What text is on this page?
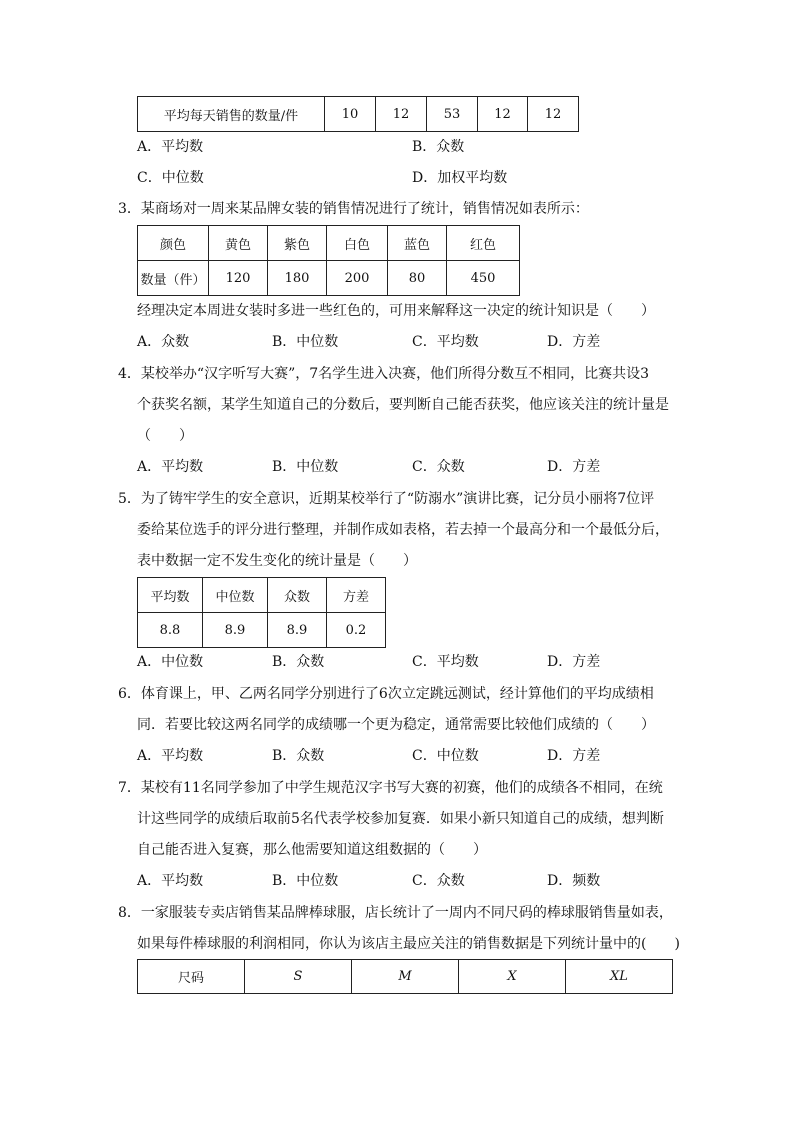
平均每天销售的数量/件	10	12	53	12	12
A．平均数	B．众数
C．中位数	D．加权平均数
3．某商场对一周来某品牌女装的销售情况进行了统计，销售情况如表所示：
颜色	黄色	紫色	白色	蓝色	红色
数量（件）	120	180	200	80	450
经理决定本周进女装时多进一些红色的，可用来解释这一决定的统计知识是（　　）
A．众数	B．中位数	C．平均数	D．方差
4．某校举办“汉字听写大赛”，7名学生进入决赛，他们所得分数互不相同，比赛共设3
个获奖名额，某学生知道自己的分数后，要判断自己能否获奖，他应该关注的统计量是
（　　）
A．平均数	B．中位数	C．众数	D．方差
5．为了铸牢学生的安全意识，近期某校举行了“防溺水”演讲比赛，记分员小丽将7位评
委给某位选手的评分进行整理，并制作成如表格，若去掉一个最高分和一个最低分后，
表中数据一定不发生变化的统计量是（　　）
平均数	中位数	众数	方差
8.8	8.9	8.9	0.2
A．中位数	B．众数	C．平均数	D．方差
6．体育课上，甲、乙两名同学分别进行了6次立定跳远测试，经计算他们的平均成绩相
同．若要比较这两名同学的成绩哪一个更为稳定，通常需要比较他们成绩的（　　）
A．平均数	B．众数	C．中位数	D．方差
7．某校有11名同学参加了中学生规范汉字书写大赛的初赛，他们的成绩各不相同，在统
计这些同学的成绩后取前5名代表学校参加复赛．如果小新只知道自己的成绩，想判断
自己能否进入复赛，那么他需要知道这组数据的（　　）
A．平均数	B．中位数	C．众数	D．频数
8．一家服装专卖店销售某品牌棒球服，店长统计了一周内不同尺码的棒球服销售量如表，
如果每件棒球服的利润相同，你认为该店主最应关注的销售数据是下列统计量中的(　　)
尺码	S	M	X	XL
